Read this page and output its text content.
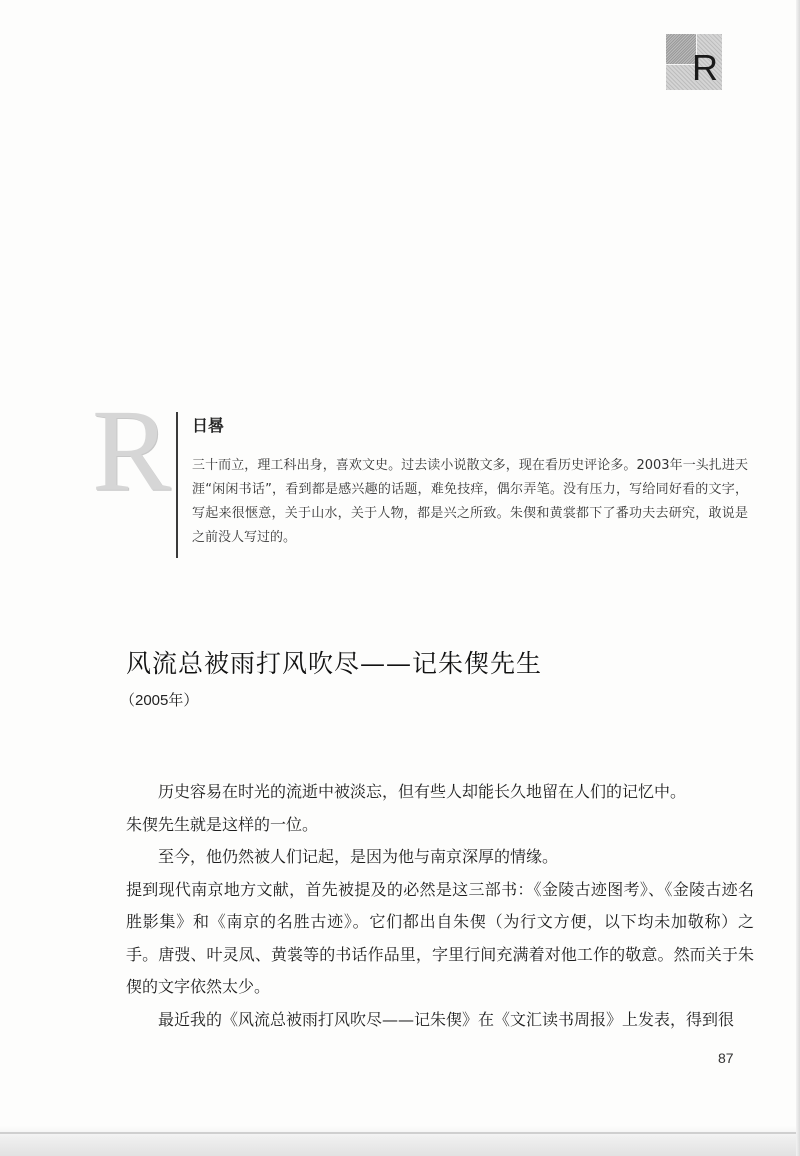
R
R 日晷
三十而立，理工科出身，喜欢文史。过去读小说散文多，现在看历史评论多。2003年一头扎进天涯“闲闲书话”，看到都是感兴趣的话题，难免技痒，偶尔弄笔。没有压力，写给同好看的文字，写起来很惬意，关于山水，关于人物，都是兴之所致。朱偰和黄裳都下了番功夫去研究，敢说是之前没人写过的。
风流总被雨打风吹尽——记朱偰先生
（2005年）

历史容易在时光的流逝中被淡忘，但有些人却能长久地留在人们的记忆中。

朱偰先生就是这样的一位。

至今，他仍然被人们记起，是因为他与南京深厚的情缘。

提到现代南京地方文献，首先被提及的必然是这三部书：《金陵古迹图考》、《金陵古迹名胜影集》和《南京的名胜古迹》。它们都出自朱偰（为行文方便，以下均未加敬称）之手。唐弢、叶灵凤、黄裳等的书话作品里，字里行间充满着对他工作的敬意。然而关于朱偰的文字依然太少。

最近我的《风流总被雨打风吹尽——记朱偰》在《文汇读书周报》上发表，得到很

87
